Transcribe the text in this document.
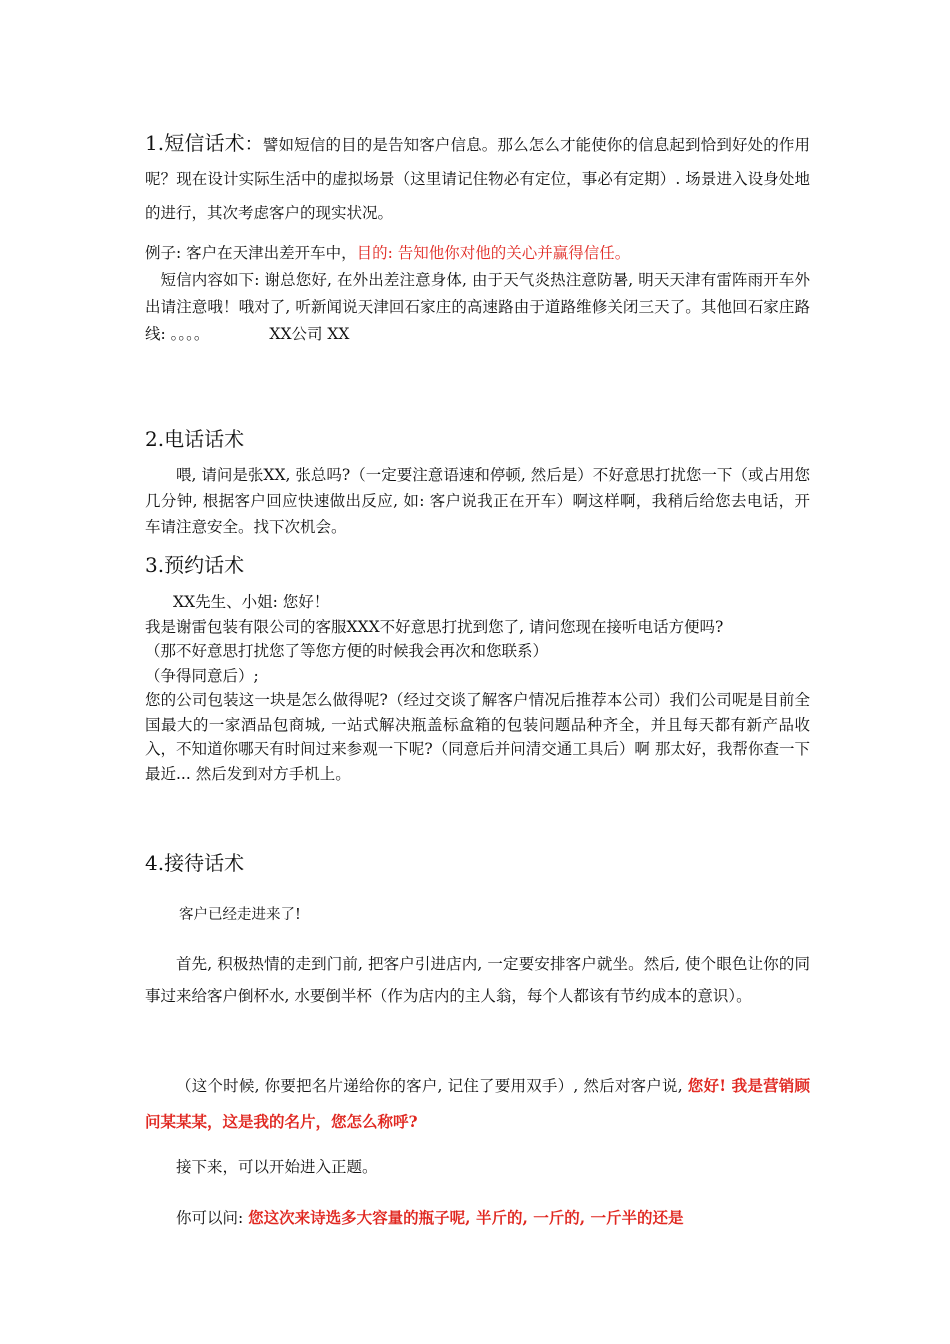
1.短信话术：譬如短信的目的是告知客户信息。那么怎么才能使你的信息起到恰到好处的作用呢？现在设计实际生活中的虚拟场景（这里请记住物必有定位，事必有定期）. 场景进入设身处地的进行，其次考虑客户的现实状况。

例子: 客户在天津出差开车中，目的: 告知他你对他的关心并赢得信任。

短信内容如下: 谢总您好, 在外出差注意身体, 由于天气炎热注意防暑, 明天天津有雷阵雨开车外出请注意哦！哦对了, 听新闻说天津回石家庄的高速路由于道路维修关闭三天了。其他回石家庄路线: 。。。。	XX公司 XX

2.电话话术
喂, 请问是张XX, 张总吗?（一定要注意语速和停顿, 然后是）不好意思打扰您一下（或占用您几分钟, 根据客户回应快速做出反应, 如: 客户说我正在开车）啊这样啊，我稍后给您去电话，开车请注意安全。找下次机会。
3.预约话术
XX先生、小姐: 您好！
我是谢雷包装有限公司的客服XXX不好意思打扰到您了, 请问您现在接听电话方便吗?
（那不好意思打扰您了等您方便的时候我会再次和您联系）
（争得同意后）;
您的公司包装这一块是怎么做得呢?（经过交谈了解客户情况后推荐本公司）我们公司呢是目前全国最大的一家酒品包商城, 一站式解决瓶盖标盒箱的包装问题品种齐全，并且每天都有新产品收入，不知道你哪天有时间过来参观一下呢?（同意后并问清交通工具后）啊 那太好，我帮你查一下最近... 然后发到对方手机上。
4.接待话术
客户已经走进来了!
首先, 积极热情的走到门前, 把客户引进店内, 一定要安排客户就坐。然后, 使个眼色让你的同事过来给客户倒杯水, 水要倒半杯（作为店内的主人翁，每个人都该有节约成本的意识）。
（这个时候, 你要把名片递给你的客户, 记住了要用双手）, 然后对客户说, 您好! 我是营销顾问某某某，这是我的名片，您怎么称呼?
接下来，可以开始进入正题。
你可以问: 您这次来诗选多大容量的瓶子呢, 半斤的, 一斤的, 一斤半的还是
